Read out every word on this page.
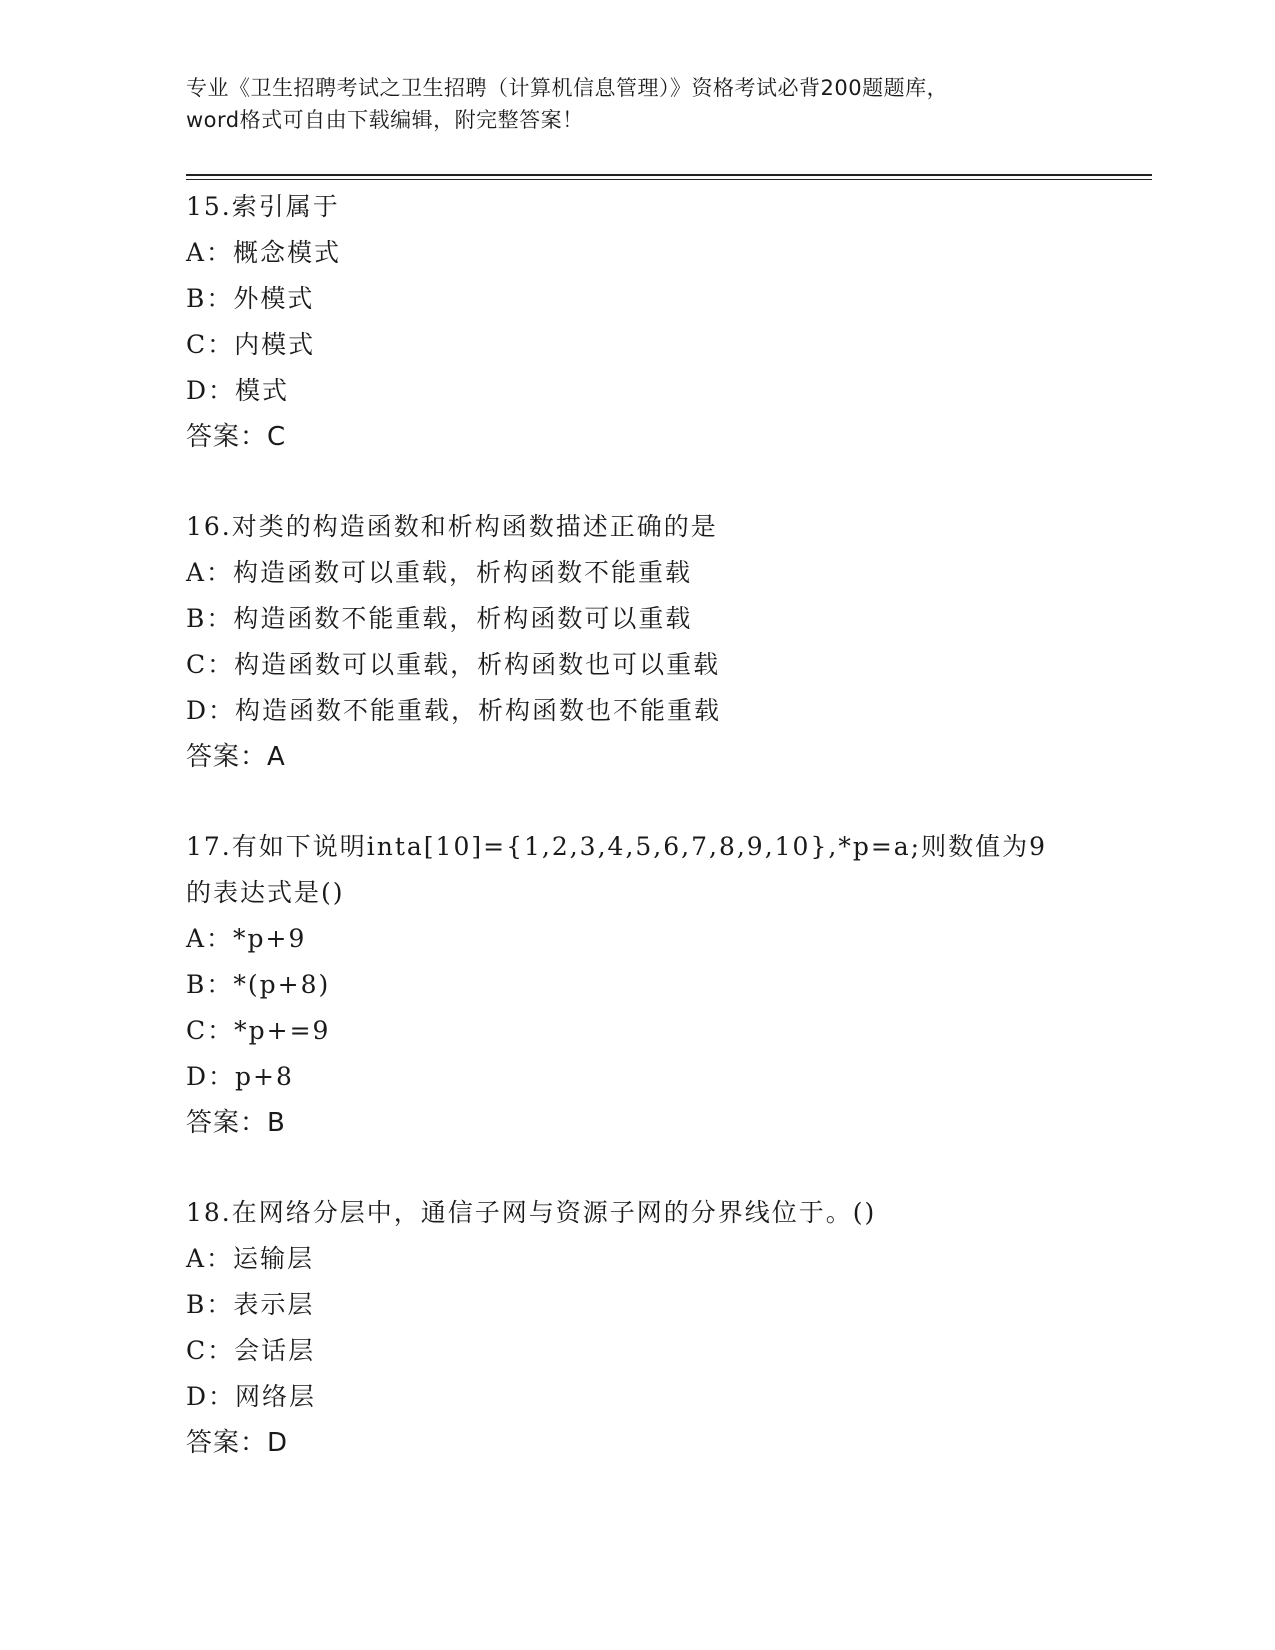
专业《卫生招聘考试之卫生招聘（计算机信息管理）》资格考试必背200题题库，

word格式可自由下载编辑，附完整答案！

15.索引属于

A：概念模式

B：外模式

C：内模式

D：模式

答案：C

16.对类的构造函数和析构函数描述正确的是

A：构造函数可以重载，析构函数不能重载

B：构造函数不能重载，析构函数可以重载

C：构造函数可以重载，析构函数也可以重载

D：构造函数不能重载，析构函数也不能重载

答案：A

17.有如下说明inta[10]={1,2,3,4,5,6,7,8,9,10},*p=a;则数值为9

的表达式是()

A：*p+9

B：*(p+8)

C：*p+=9

D：p+8

答案：B

18.在网络分层中，通信子网与资源子网的分界线位于。()

A：运输层

B：表示层

C：会话层

D：网络层

答案：D
